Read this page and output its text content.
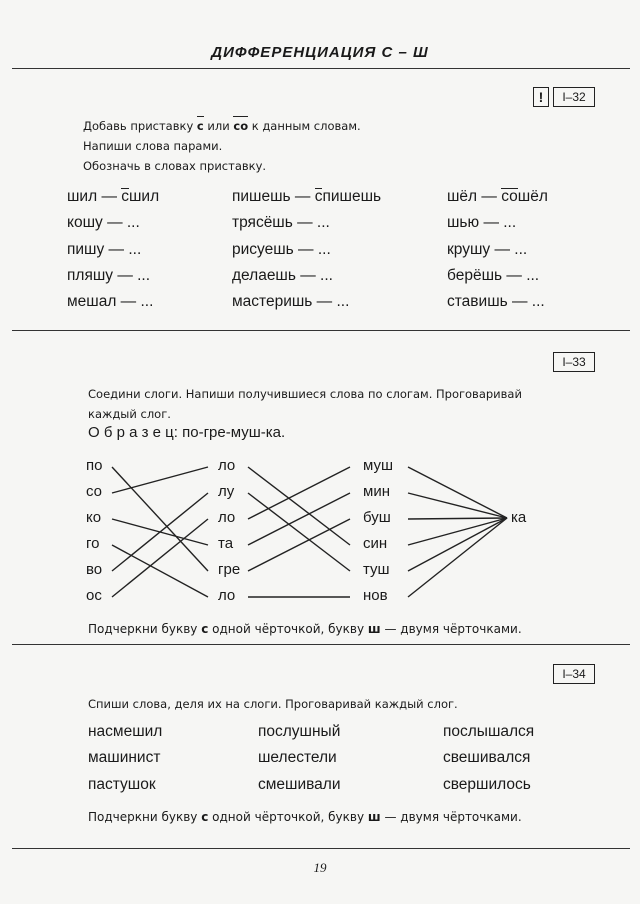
ДИФФЕРЕНЦИАЦИЯ С – Ш
!	I–32
Добавь приставку с или со к данным словам.
Напиши слова парами.
Обозначь в словах приставку.
шил — сшил
кошу — ...
пишу — ...
пляшу — ...
мешал — ...
пишешь — спишешь
трясёшь — ...
рисуешь — ...
делаешь — ...
мастеришь — ...
шёл — сошёл
шью — ...
крушу — ...
берёшь — ...
ставишь — ...
I–33
Соедини слоги. Напиши получившиеся слова по слогам. Проговаривай
каждый слог.
О б р а з е ц: по-гре-муш-ка.
по
со
ко
го
во
ос
ло
лу
ло
та
гре
ло
муш
мин
буш
син
туш
нов
ка
Подчеркни букву с одной чёрточкой, букву ш — двумя чёрточками.
I–34
Спиши слова, деля их на слоги. Проговаривай каждый слог.
насмешил
машинист
пастушок
послушный
шелестели
смешивали
послышался
свешивался
свершилось
Подчеркни букву с одной чёрточкой, букву ш — двумя чёрточками.
19
